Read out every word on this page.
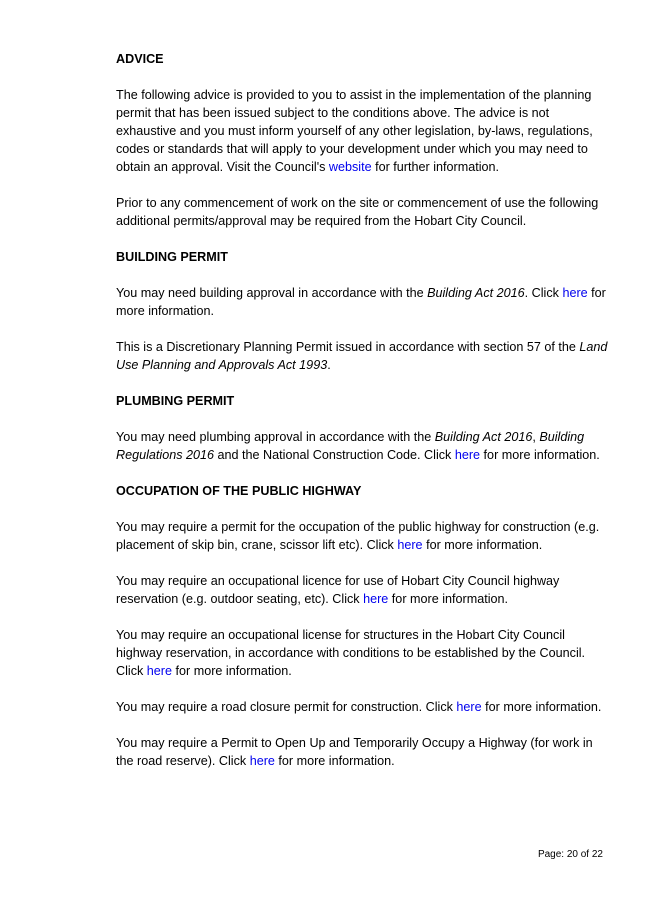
ADVICE

The following advice is provided to you to assist in the implementation of the planning permit that has been issued subject to the conditions above. The advice is not exhaustive and you must inform yourself of any other legislation, by-laws, regulations, codes or standards that will apply to your development under which you may need to obtain an approval. Visit the Council's website for further information.

Prior to any commencement of work on the site or commencement of use the following additional permits/approval may be required from the Hobart City Council.

BUILDING PERMIT

You may need building approval in accordance with the Building Act 2016. Click here for more information.

This is a Discretionary Planning Permit issued in accordance with section 57 of the Land Use Planning and Approvals Act 1993.

PLUMBING PERMIT

You may need plumbing approval in accordance with the Building Act 2016, Building Regulations 2016 and the National Construction Code. Click here for more information.

OCCUPATION OF THE PUBLIC HIGHWAY

You may require a permit for the occupation of the public highway for construction (e.g. placement of skip bin, crane, scissor lift etc). Click here for more information.

You may require an occupational licence for use of Hobart City Council highway reservation (e.g. outdoor seating, etc). Click here for more information.

You may require an occupational license for structures in the Hobart City Council highway reservation, in accordance with conditions to be established by the Council. Click here for more information.

You may require a road closure permit for construction. Click here for more information.

You may require a Permit to Open Up and Temporarily Occupy a Highway (for work in the road reserve). Click here for more information.

Page: 20 of 22
